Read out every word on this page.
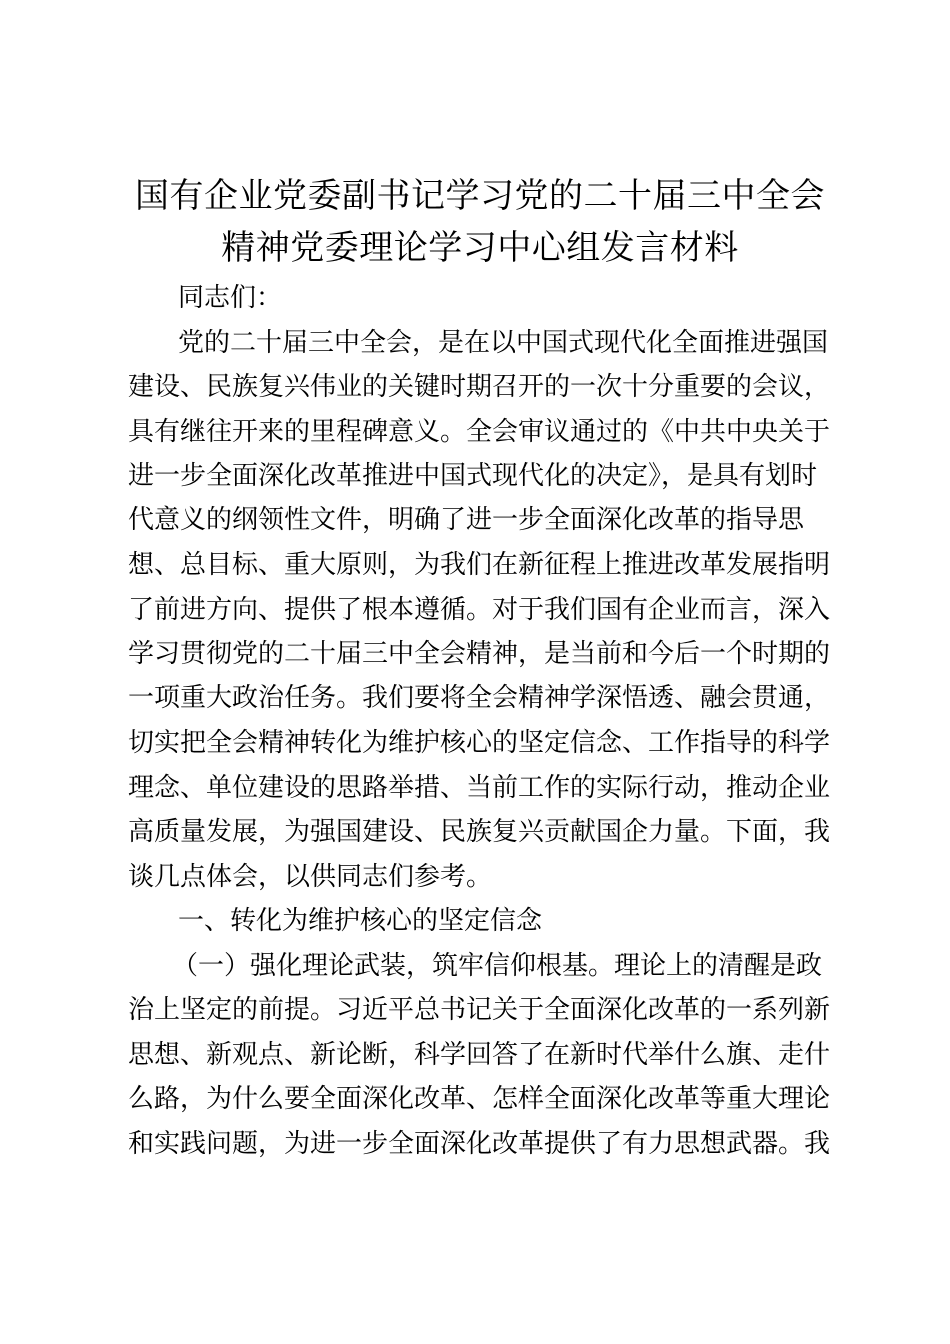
国有企业党委副书记学习党的二十届三中全会
精神党委理论学习中心组发言材料

同志们：

党的二十届三中全会，是在以中国式现代化全面推进强国

建设、民族复兴伟业的关键时期召开的一次十分重要的会议，

具有继往开来的里程碑意义。全会审议通过的《中共中央关于

进一步全面深化改革推进中国式现代化的决定》，是具有划时

代意义的纲领性文件，明确了进一步全面深化改革的指导思

想、总目标、重大原则，为我们在新征程上推进改革发展指明

了前进方向、提供了根本遵循。对于我们国有企业而言，深入

学习贯彻党的二十届三中全会精神，是当前和今后一个时期的

一项重大政治任务。我们要将全会精神学深悟透、融会贯通，

切实把全会精神转化为维护核心的坚定信念、工作指导的科学

理念、单位建设的思路举措、当前工作的实际行动，推动企业

高质量发展，为强国建设、民族复兴贡献国企力量。下面，我

谈几点体会，以供同志们参考。

一、转化为维护核心的坚定信念

（一）强化理论武装，筑牢信仰根基。理论上的清醒是政

治上坚定的前提。习近平总书记关于全面深化改革的一系列新

思想、新观点、新论断，科学回答了在新时代举什么旗、走什

么路，为什么要全面深化改革、怎样全面深化改革等重大理论

和实践问题，为进一步全面深化改革提供了有力思想武器。我
